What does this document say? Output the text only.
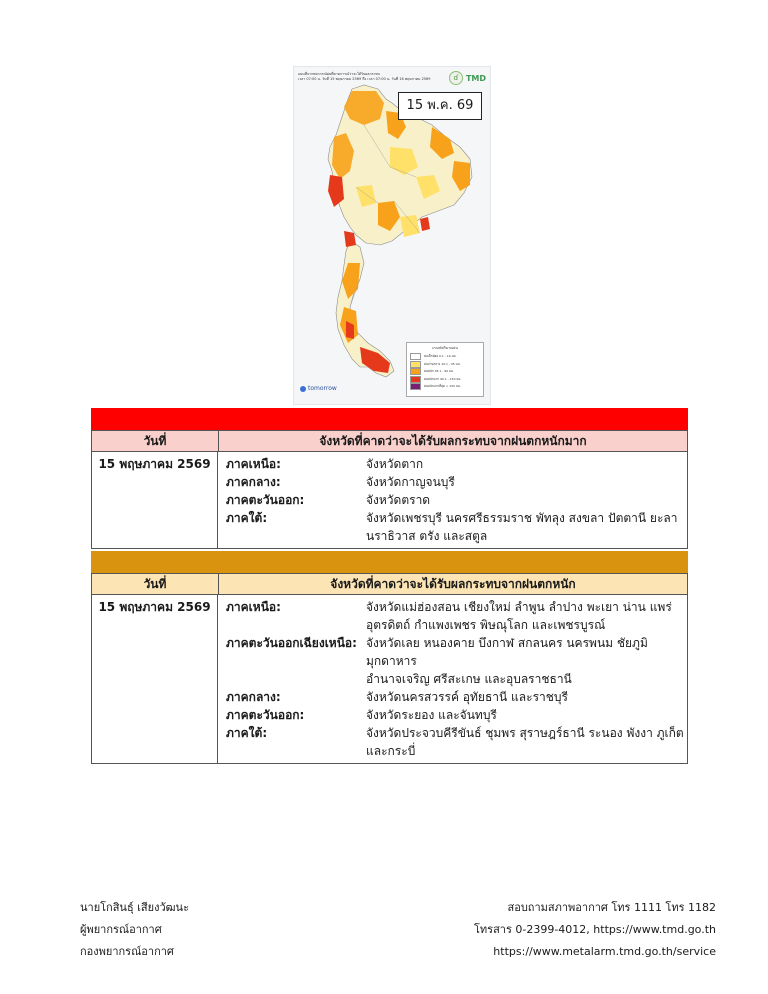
แผนที่จากพยากรณ์ฝนที่คาดการณ์ว่าจะได้รับผลกระทบ
เวลา 07:00 น. วันที่ 15 พฤษภาคม 2569 ถึง เวลา 07:00 น. วันที่ 16 พฤษภาคม 2569	ɗ TMD
15 พ.ค. 69
เกณฑ์ปริมาณฝน
ฝนเล็กน้อย 0.1 - 10 มม.
ฝนปานกลาง 10.1 - 35 มม.
ฝนหนัก 35.1 - 90 มม.
ฝนหนักมาก 90.1 - 150 มม.
ฝนหนักมากที่สุด > 150 มม.
tomorrow
วันที่	จังหวัดที่คาดว่าจะได้รับผลกระทบจากฝนตกหนักมาก
15 พฤษภาคม 2569	ภาคเหนือ:	จังหวัดตาก
ภาคกลาง:	จังหวัดกาญจนบุรี
ภาคตะวันออก:	จังหวัดตราด
ภาคใต้:	จังหวัดเพชรบุรี นครศรีธรรมราช พัทลุง สงขลา ปัตตานี ยะลา
นราธิวาส ตรัง และสตูล
วันที่	จังหวัดที่คาดว่าจะได้รับผลกระทบจากฝนตกหนัก
15 พฤษภาคม 2569	ภาคเหนือ:	จังหวัดแม่ฮ่องสอน เชียงใหม่ ลำพูน ลำปาง พะเยา น่าน แพร่
อุตรดิตถ์ กำแพงเพชร พิษณุโลก และเพชรบูรณ์
ภาคตะวันออกเฉียงเหนือ: จังหวัดเลย หนองคาย บึงกาฬ สกลนคร นครพนม ชัยภูมิ
มุกดาหาร
อำนาจเจริญ ศรีสะเกษ และอุบลราชธานี
ภาคกลาง:	จังหวัดนครสวรรค์ อุทัยธานี และราชบุรี
ภาคตะวันออก:	จังหวัดระยอง และจันทบุรี
ภาคใต้:	จังหวัดประจวบคีรีขันธ์ ชุมพร สุราษฎร์ธานี ระนอง พังงา ภูเก็ต
และกระบี่
นายโกสินธุ์ เสียงวัฒนะ
ผู้พยากรณ์อากาศ
กองพยากรณ์อากาศ
สอบถามสภาพอากาศ โทร 1111 โทร 1182
โทรสาร 0-2399-4012, https://www.tmd.go.th
https://www.metalarm.tmd.go.th/service
